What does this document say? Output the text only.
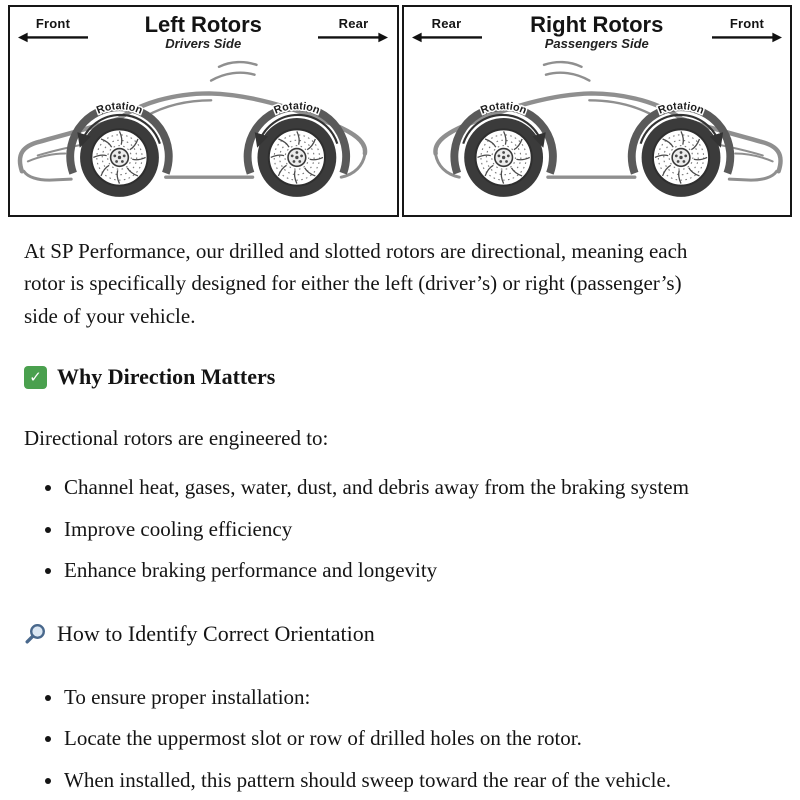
Front	Left Rotors
Drivers Side
Rear
Rotation	Rotation
Rear	Right Rotors
Passengers Side
Front
Rotation	Rotation

At SP Performance, our drilled and slotted rotors are directional, meaning each rotor is specifically designed for either the left (driver’s) or right (passenger’s) side of your vehicle.

✓ Why Direction Matters

Directional rotors are engineered to:

• Channel heat, gases, water, dust, and debris away from the braking system
• Improve cooling efficiency
• Enhance braking performance and longevity
How to Identify Correct Orientation
• To ensure proper installation:
• Locate the uppermost slot or row of drilled holes on the rotor.
• When installed, this pattern should sweep toward the rear of the vehicle.
